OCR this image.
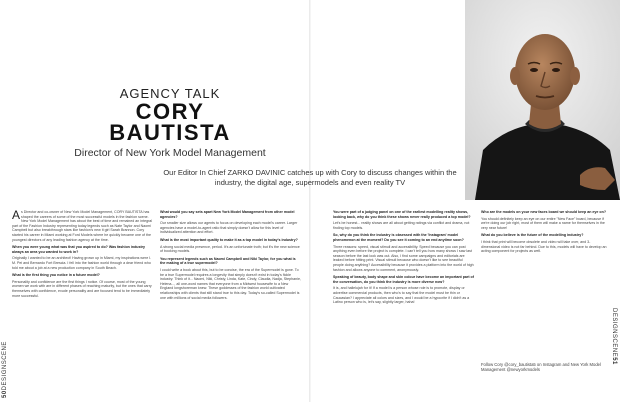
AGENCY TALK
CORY
BAUTISTA
Director of New York Model Management
Our Editor In Chief ZARKO DAVINIC catches up with Cory to discuss changes within the industry, the digital age, supermodels and even reality TV

As Director and co-owner of New York Model Management, CORY BAUTISTA has shaped the careers of some of the most successful models in the fashion scene. New York Model Management has about the best of time and remained an integral part of the Fashion Industry representing today legends such as Nate Taylor and Naomi Campbell but also breakthrough stars like fashion's new it girl Sarah Brannon. Cory started his career in Miami working at Ford Models where he quickly became one of the youngest directors of any leading fashion agency at the time.

When you were young what was that you aspired to do? Was fashion industry always an area you wanted to work in?

Originally I wanted to be an architect! Having grown up in Miami, my inspirations were I. M. Pei and Bernardo Fort Brescia. I fell into the fashion world through a dear friend who told me about a job at a new production company in South Beach.

What is the first thing you notice in a future model?

Personality and confidence are the first things I notice. Of course, most of the young women we work with are in different phases of reaching maturity, but the ones that carry themselves with confidence, exude personality and are focused tend to be immediately more successful.

What would you say sets apart New York Model Management from other model agencies?

Our smaller size allows our agents to focus on developing each model's career. Larger agencies have a model-to-agent ratio that simply doesn't allow for this level of individualized attention and effort.

What is the most important quality to make it as a top model in today's industry?

A strong social media presence, period. It's an unfortunate truth; but it's the new science of booking models.

You represent legends such as Naomi Campbell and Niki Taylor, for you what is the making of a true supermodel?

I could write a book about this, but to be concise, the era of the Supermodel is gone. To be a true Supermodel requires a longevity that simply doesn't exist in today's fickle industry. Think of it... Naomi, Niki, Christy, Linda, Kate, Cindy, Claudia, Nadja, Stephanie, Helena..., all one-word names that everyone from a Midwest housewife to a New England longshoreman knew. These goddesses of the fashion world cultivated relationships with clients that still stand true to this day. Today's so-called Supermodel is one with millions of social media followers.

You were part of a judging panel on one of the earliest modelling reality shows, looking back, why do you think these shows never really produced a top model?

Let's be honest... reality shows are all about getting ratings via conflict and drama, not finding top models.

So, why do you think the industry is obsessed with the 'Instagram' model phenomenon at the moment? Do you see it coming to an end anytime soon?

Three reasons: speed, visual stimuli and accessibility. Speed because you can post anything even before the project is complete. I can't tell you how many shows I saw last season before the last look was out. Also, I find some campaigns and editorials are leaked before hitting print. Visual stimuli because who doesn't like to see beautiful people doing anything? Accessibility because it provides a platform into the world of high fashion and allows anyone to comment, anonymously.

Speaking of beauty, body shape and skin colour have become an important part of the conversation, do you think the industry is more diverse now?

It is, and hallelujah for it! If a model is a person whose role is to promote, display or advertise commercial products, then who's to say that the model must be thin or Caucasian? I appreciate all colors and sizes, and I would be a hypocrite if I didn't as a Latino person who is, let's say, slightly larger, haha!

Who are the models on your new faces board we should keep an eye on?

You should definitely keep an eye on our entire "New Face" board, because if we're doing our job right, most of them will make a name for themselves in the very near future!

What do you believe is the future of the modelling industry?

I think that print will become obsolete and video will take over, and 3-dimensional video is not far behind. Due to this, models will have to develop an acting component for projects as well.

Follow Cory @cory_bautista5 on Instagram and New York Model Management @newyorkmodels
50DESIGNSCENE
DESIGNSCENE51
